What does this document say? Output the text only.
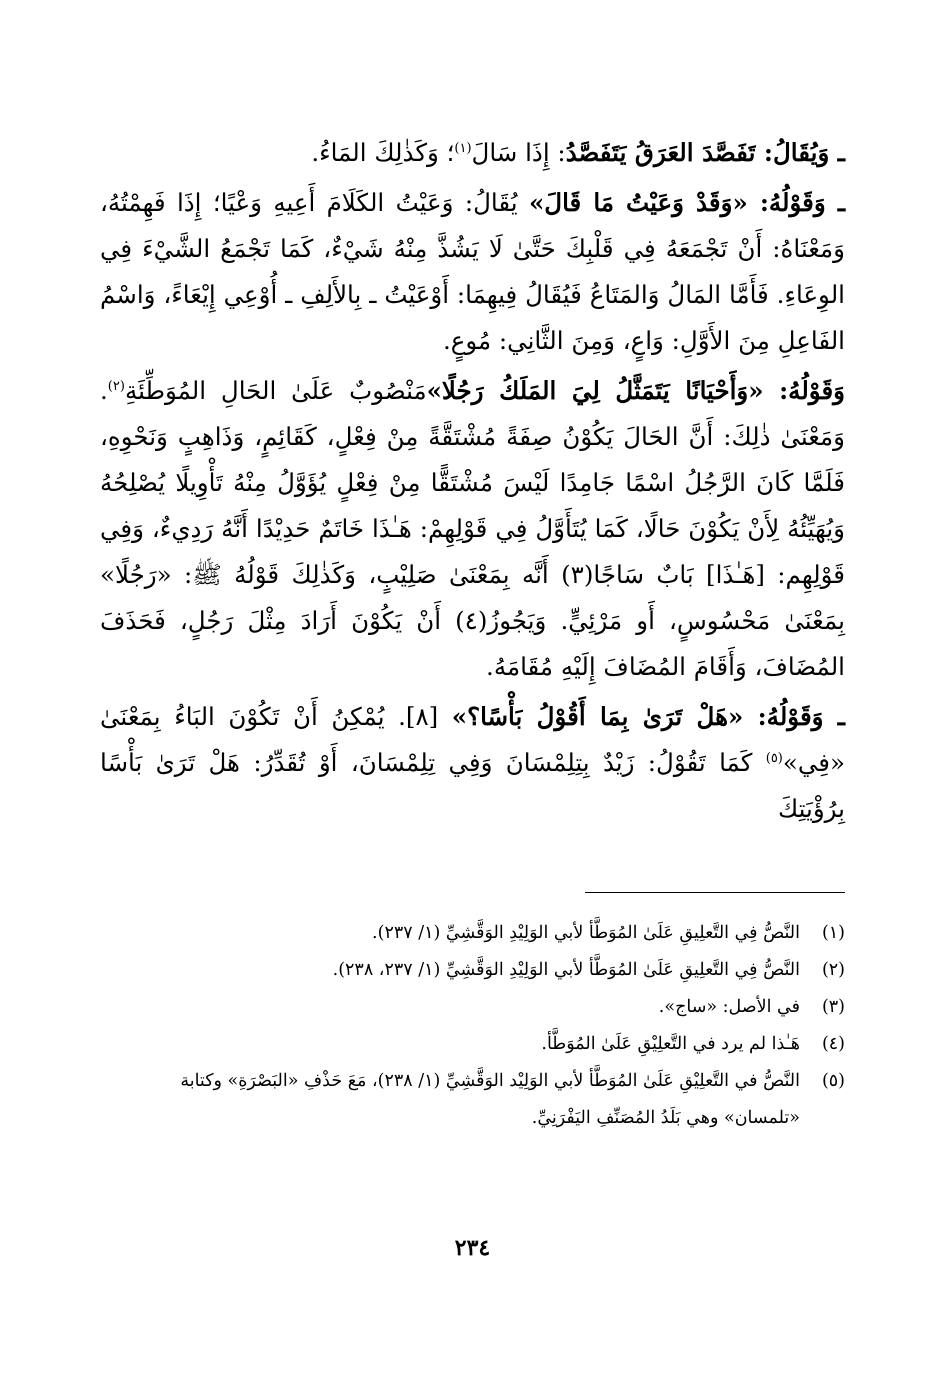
ـ وَيُقَالُ: تَفَصَّدَ العَرَقُ يَتَفَصَّدُ: إِذَا سَالَ$^{(١)}$؛ وَكَذٰلِكَ المَاءُ.

ـ وَقَوْلُهُ: «وَقَدْ وَعَيْتُ مَا قَالَ» يُقَالُ: وَعَيْتُ الكَلَامَ أَعِيهِ وَعْيًا؛ إِذَا فَهِمْتُهُ، وَمَعْنَاهُ: أَنْ تَجْمَعَهُ فِي قَلْبِكَ حَتَّىٰ لَا يَشُذَّ مِنْهُ شَيْءٌ، كَمَا تَجْمَعُ الشَّيْءَ فِي الوِعَاءِ. فَأَمَّا المَالُ وَالمَتَاعُ فَيُقَالُ فِيهِمَا: أَوْعَيْتُ ـ بِالأَلِفِ ـ أُوْعِي إِيْعَاءً، وَاسْمُ الفَاعِلِ مِنَ الأَوَّلِ: وَاعٍ، وَمِنَ الثَّانِي: مُوعٍ.

وَقَوْلُهُ: «وَأَحْيَانًا يَتَمَثَّلُ لِيَ المَلَكُ رَجُلًا»مَنْصُوبٌ عَلَىٰ الحَالِ المُوَطِّئَةِ$^{(٢)}$. وَمَعْنَىٰ ذٰلِكَ: أَنَّ الحَالَ يَكُوْنُ صِفَةً مُشْتَقَّةً مِنْ فِعْلٍ، كَقَائِمٍ، وَذَاهِبٍ وَنَحْوِهِ، فَلَمَّا كَانَ الرَّجُلُ اسْمًا جَامِدًا لَيْسَ مُشْتَقًّا مِنْ فِعْلٍ يُؤَوَّلُ مِنْهُ تَأْوِيلًا يُصْلِحُهُ وَيُهَيِّئُهُ لِأَنْ يَكُوْنَ حَالًا، كَمَا يُتَأَوَّلُ فِي قَوْلِهِمْ: هَـٰذَا خَاتَمٌ حَدِيْدًا أَنَّهُ رَدِيءٌ، وَفِي قَوْلِهِم: [هَـٰذَا] بَابٌ سَاجًا(٣) أَنَّه بِمَعْنَىٰ صَلِيْبٍ، وَكَذٰلِكَ قَوْلُهُ ﷺ: «رَجُلًا» بِمَعْنَىٰ مَحْسُوسٍ، أَو مَرْئِيٍّ. وَيَجُوزُ(٤) أَنْ يَكُوْنَ أَرَادَ مِثْلَ رَجُلٍ، فَحَذَفَ المُضَافَ، وَأَقَامَ المُضَافَ إِلَيْهِ مُقَامَهُ.

ـ وَقَوْلُهُ: «هَلْ تَرَىٰ بِمَا أَقُوْلُ بَأْسًا؟» [٨]. يُمْكِنُ أَنْ تَكُوْنَ البَاءُ بِمَعْنَىٰ «فِي»$^{(٥)}$ كَمَا تَقُوْلُ: زَيْدٌ بِتِلِمْسَانَ وَفِي تِلِمْسَانَ، أَوْ تُقَدِّرُ: هَلْ تَرَىٰ بَأْسًا بِرُؤْيَتِكَ

(١)
النَّصُّ فِي التَّعلِيقِ عَلَىٰ المُوَطَّأ لأبي الوَلِيْدِ الوَقَّشِيِّ (١/ ٢٣٧).
(٢)
النَّصُّ فِي التَّعلِيقِ عَلَىٰ المُوَطَّأ لأبي الوَلِيْدِ الوَقَّشِيِّ (١/ ٢٣٧، ٢٣٨).
(٣)
في الأصل: «ساج».
(٤)
هَـٰذا لم يرد في التَّعلِيْقِ عَلَىٰ المُوَطَّأ.
(٥)
النَّصُّ في التَّعلِيْقِ عَلَىٰ المُوَطَّأ لأبي الوَلِيْد الوَقَّشِيِّ (١/ ٢٣٨)، مَعَ حَذْفِ «البَصْرَةِ» وكتابة «تلمسان» وهي بَلَدُ المُصَنِّفِ اليَفْرَنِيِّ.
٢٣٤
